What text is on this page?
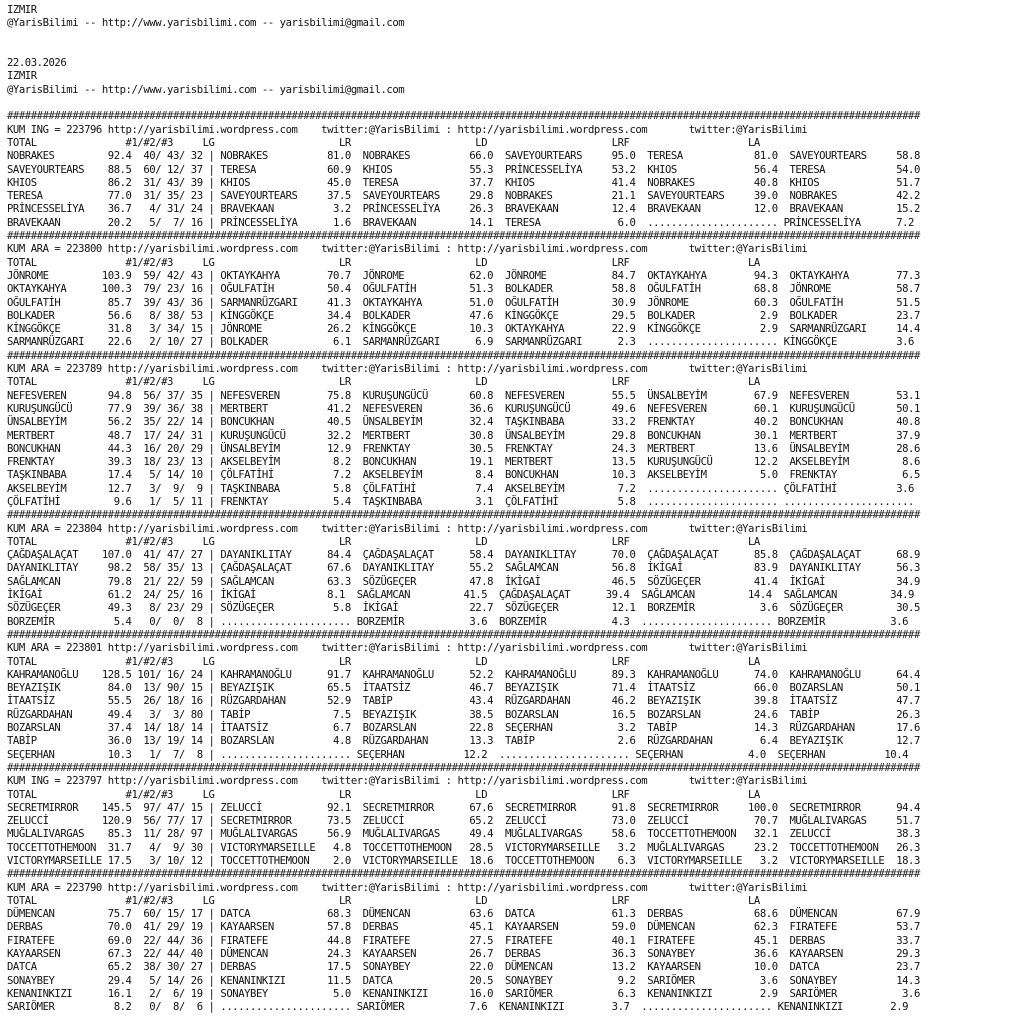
IZMIR
@YarisBilimi -- http://www.yarisbilimi.com -- yarisbilimi@gmail.com
22.03.2026
IZMIR
@YarisBilimi -- http://www.yarisbilimi.com -- yarisbilimi@gmail.com
##########################################################################################################################################################
KUM ING = 223796 http://yarisbilimi.wordpress.com    twitter:@YarisBilimi : http://yarisbilimi.wordpress.com       twitter:@YarisBilimi
TOTAL               #1/#2/#3     LG                     LR                     LD                     LRF                    LA
NOBRAKES         92.4  40/ 43/ 32 | NOBRAKES          81.0  NOBRAKES          66.0  SAVEYOURTEARS     95.0  TERESA            81.0  SAVEYOURTEARS     58.8
SAVEYOURTEARS    88.5  60/ 12/ 37 | TERESA            60.9  KHIOS             55.3  PRİNCESSELİYA     53.2  KHIOS             56.4  TERESA            54.0
KHIOS            86.2  31/ 43/ 39 | KHIOS             45.0  TERESA            37.7  KHIOS             41.4  NOBRAKES          40.8  KHIOS             51.7
TERESA           77.0  31/ 35/ 23 | SAVEYOURTEARS     37.5  SAVEYOURTEARS     29.8  NOBRAKES          21.1  SAVEYOURTEARS     39.0  NOBRAKES          42.2
PRİNCESSELİYA    36.7   4/ 31/ 24 | BRAVEKAAN          3.2  PRİNCESSELİYA     26.3  BRAVEKAAN         12.4  BRAVEKAAN         12.0  BRAVEKAAN         15.2
BRAVEKAAN        20.2   5/  7/ 16 | PRİNCESSELİYA      1.6  BRAVEKAAN         14.1  TERESA             6.0  ...................... PRİNCESSELİYA      7.2
##########################################################################################################################################################
KUM ARA = 223800 http://yarisbilimi.wordpress.com    twitter:@YarisBilimi : http://yarisbilimi.wordpress.com       twitter:@YarisBilimi
TOTAL               #1/#2/#3     LG                     LR                     LD                     LRF                    LA
JÖNROME         103.9  59/ 42/ 43 | OKTAYKAHYA        70.7  JÖNROME           62.0  JÖNROME           84.7  OKTAYKAHYA        94.3  OKTAYKAHYA        77.3
OKTAYKAHYA      100.3  79/ 23/ 16 | OĞULFATİH         50.4  OĞULFATİH         51.3  BOLKADER          58.8  OĞULFATİH         68.8  JÖNROME           58.7
OĞULFATİH        85.7  39/ 43/ 36 | SARMANRÜZGARI     41.3  OKTAYKAHYA        51.0  OĞULFATİH         30.9  JÖNROME           60.3  OĞULFATİH         51.5
BOLKADER         56.6   8/ 38/ 53 | KİNGGÖKÇE         34.4  BOLKADER          47.6  KİNGGÖKÇE         29.5  BOLKADER           2.9  BOLKADER          23.7
KİNGGÖKÇE        31.8   3/ 34/ 15 | JÖNROME           26.2  KİNGGÖKÇE         10.3  OKTAYKAHYA        22.9  KİNGGÖKÇE          2.9  SARMANRÜZGARI     14.4
SARMANRÜZGARI    22.6   2/ 10/ 27 | BOLKADER           6.1  SARMANRÜZGARI      6.9  SARMANRÜZGARI      2.3  ...................... KİNGGÖKÇE          3.6
##########################################################################################################################################################
KUM ARA = 223789 http://yarisbilimi.wordpress.com    twitter:@YarisBilimi : http://yarisbilimi.wordpress.com       twitter:@YarisBilimi
TOTAL               #1/#2/#3     LG                     LR                     LD                     LRF                    LA
NEFESVEREN       94.8  56/ 37/ 35 | NEFESVEREN        75.8  KURUŞUNGÜCÜ       60.8  NEFESVEREN        55.5  ÜNSALBEYİM        67.9  NEFESVEREN        53.1
KURUŞUNGÜCÜ      77.9  39/ 36/ 38 | MERTBERT          41.2  NEFESVEREN        36.6  KURUŞUNGÜCÜ       49.6  NEFESVEREN        60.1  KURUŞUNGÜCÜ       50.1
ÜNSALBEYİM       56.2  35/ 22/ 14 | BONCUKHAN         40.5  ÜNSALBEYİM        32.4  TAŞKINBABA        33.2  FRENKTAY          40.2  BONCUKHAN         40.8
MERTBERT         48.7  17/ 24/ 31 | KURUŞUNGÜCÜ       32.2  MERTBERT          30.8  ÜNSALBEYİM        29.8  BONCUKHAN         30.1  MERTBERT          37.9
BONCUKHAN        44.3  16/ 20/ 29 | ÜNSALBEYİM        12.9  FRENKTAY          30.5  FRENKTAY          24.3  MERTBERT          13.6  ÜNSALBEYİM        28.6
FRENKTAY         39.3  18/ 23/ 13 | AKSELBEYİM         8.2  BONCUKHAN         19.1  MERTBERT          13.5  KURUŞUNGÜCÜ       12.2  AKSELBEYİM         8.6
TAŞKINBABA       17.4   5/ 14/ 10 | ÇÖLFATİHİ          7.2  AKSELBEYİM         8.4  BONCUKHAN         10.3  AKSELBEYİM         5.0  FRENKTAY           6.5
AKSELBEYİM       12.7   3/  9/  9 | TAŞKINBABA         5.8  ÇÖLFATİHİ          7.4  AKSELBEYİM         7.2  ...................... ÇÖLFATİHİ          3.6
ÇÖLFATİHİ         9.6   1/  5/ 11 | FRENKTAY           5.4  TAŞKINBABA         3.1  ÇÖLFATİHİ          5.8  ...................... ......................
##########################################################################################################################################################
KUM ARA = 223804 http://yarisbilimi.wordpress.com    twitter:@YarisBilimi : http://yarisbilimi.wordpress.com       twitter:@YarisBilimi
TOTAL               #1/#2/#3     LG                     LR                     LD                     LRF                    LA
ÇAĞDAŞALAÇAT    107.0  41/ 47/ 27 | DAYANIKLITAY      84.4  ÇAĞDAŞALAÇAT      58.4  DAYANIKLITAY      70.0  ÇAĞDAŞALAÇAT      85.8  ÇAĞDAŞALAÇAT      68.9
DAYANIKLITAY     98.2  58/ 35/ 13 | ÇAĞDAŞALAÇAT      67.6  DAYANIKLITAY      55.2  SAĞLAMCAN         56.8  İKİGAİ            83.9  DAYANIKLITAY      56.3
SAĞLAMCAN        79.8  21/ 22/ 59 | SAĞLAMCAN         63.3  SÖZÜGEÇER         47.8  İKİGAİ            46.5  SÖZÜGEÇER         41.4  İKİGAİ            34.9
İKİGAİ           61.2  24/ 25/ 16 | İKİGAİ            8.1  SAĞLAMCAN         41.5  ÇAĞDAŞALAÇAT      39.4  SAĞLAMCAN         14.4  SAĞLAMCAN         34.9
SÖZÜGEÇER        49.3   8/ 23/ 29 | SÖZÜGEÇER          5.8  İKİGAİ            22.7  SÖZÜGEÇER         12.1  BORZEMİR           3.6  SÖZÜGEÇER         30.5
BORZEMİR          5.4   0/  0/  8 | ...................... BORZEMİR           3.6  BORZEMİR           4.3  ...................... BORZEMİR           3.6
##########################################################################################################################################################
KUM ARA = 223801 http://yarisbilimi.wordpress.com    twitter:@YarisBilimi : http://yarisbilimi.wordpress.com       twitter:@YarisBilimi
TOTAL               #1/#2/#3     LG                     LR                     LD                     LRF                    LA
KAHRAMANOĞLU    128.5 101/ 16/ 24 | KAHRAMANOĞLU      91.7  KAHRAMANOĞLU      52.2  KAHRAMANOĞLU      89.3  KAHRAMANOĞLU      74.0  KAHRAMANOĞLU      64.4
BEYAZIŞIK        84.0  13/ 90/ 15 | BEYAZIŞIK         65.5  İTAATSİZ          46.7  BEYAZIŞIK         71.4  İTAATSİZ          66.0  BOZARSLAN         50.1
İTAATSİZ         55.5  26/ 18/ 16 | RÜZGARDAHAN       52.9  TABİP             43.4  RÜZGARDAHAN       46.2  BEYAZIŞIK         39.8  İTAATSİZ          47.7
RÜZGARDAHAN      49.4   3/  3/ 80 | TABİP              7.5  BEYAZIŞIK         38.5  BOZARSLAN         16.5  BOZARSLAN         24.6  TABİP             26.3
BOZARSLAN        37.4  14/ 18/ 14 | İTAATSİZ           6.7  BOZARSLAN         22.8  SEÇERHAN           3.2  TABİP             14.3  RÜZGARDAHAN       17.6
TABİP            36.0  13/ 19/ 14 | BOZARSLAN          4.8  RÜZGARDAHAN       13.3  TABİP              2.6  RÜZGARDAHAN        6.4  BEYAZIŞIK         12.7
SEÇERHAN         10.3   1/  7/  8 | ...................... SEÇERHAN          12.2  ...................... SEÇERHAN           4.0  SEÇERHAN          10.4
##########################################################################################################################################################
KUM ING = 223797 http://yarisbilimi.wordpress.com    twitter:@YarisBilimi : http://yarisbilimi.wordpress.com       twitter:@YarisBilimi
TOTAL               #1/#2/#3     LG                     LR                     LD                     LRF                    LA
SECRETMIRROR    145.5  97/ 47/ 15 | ZELUCCİ           92.1  SECRETMIRROR      67.6  SECRETMIRROR      91.8  SECRETMIRROR     100.0  SECRETMIRROR      94.4
ZELUCCİ         120.9  56/ 77/ 17 | SECRETMIRROR      73.5  ZELUCCİ           65.2  ZELUCCİ           73.0  ZELUCCİ           70.7  MUĞLALIVARGAS     51.7
MUĞLALIVARGAS    85.3  11/ 28/ 97 | MUĞLALIVARGAS     56.9  MUĞLALIVARGAS     49.4  MUĞLALIVARGAS     58.6  TOCCETTOTHEMOON   32.1  ZELUCCİ           38.3
TOCCETTOTHEMOON  31.7   4/  9/ 30 | VICTORYMARSEILLE   4.8  TOCCETTOTHEMOON   28.5  VICTORYMARSEILLE   3.2  MUĞLALIVARGAS     23.2  TOCCETTOTHEMOON   26.3
VICTORYMARSEILLE 17.5   3/ 10/ 12 | TOCCETTOTHEMOON    2.0  VICTORYMARSEILLE  18.6  TOCCETTOTHEMOON    6.3  VICTORYMARSEILLE   3.2  VICTORYMARSEILLE  18.3
##########################################################################################################################################################
KUM ARA = 223790 http://yarisbilimi.wordpress.com    twitter:@YarisBilimi : http://yarisbilimi.wordpress.com       twitter:@YarisBilimi
TOTAL               #1/#2/#3     LG                     LR                     LD                     LRF                    LA
DÜMENCAN         75.7  60/ 15/ 17 | DATCA             68.3  DÜMENCAN          63.6  DATCA             61.3  DERBAS            68.6  DÜMENCAN          67.9
DERBAS           70.0  41/ 29/ 19 | KAYAARSEN         57.8  DERBAS            45.1  KAYAARSEN         59.0  DÜMENCAN          62.3  FIRATEFE          53.7
FIRATEFE         69.0  22/ 44/ 36 | FIRATEFE          44.8  FIRATEFE          27.5  FIRATEFE          40.1  FIRATEFE          45.1  DERBAS            33.7
KAYAARSEN        67.3  22/ 44/ 40 | DÜMENCAN          24.3  KAYAARSEN         26.7  DERBAS            36.3  SONAYBEY          36.6  KAYAARSEN         29.3
DATCA            65.2  38/ 30/ 27 | DERBAS            17.5  SONAYBEY          22.0  DÜMENCAN          13.2  KAYAARSEN         10.0  DATCA             23.7
SONAYBEY         29.4   5/ 14/ 26 | KENANINKIZI       11.5  DATCA             20.5  SONAYBEY           9.2  SARIÖMER           3.6  SONAYBEY          14.3
KENANINKIZI      16.1   2/  6/ 19 | SONAYBEY           5.0  KENANINKIZI       16.0  SARIÖMER           6.3  KENANINKIZI        2.9  SARIÖMER           3.6
SARIÖMER          8.2   0/  8/  6 | ...................... SARIÖMER           7.6  KENANINKIZI        3.7  ...................... KENANINKIZI        2.9
